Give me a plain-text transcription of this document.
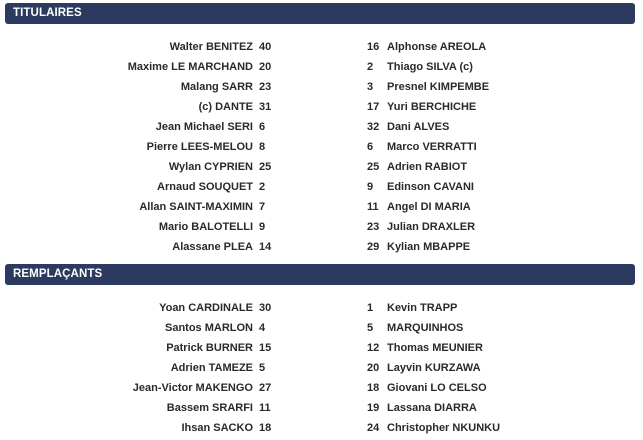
TITULAIRES
Walter BENITEZ 40	16 Alphonse AREOLA
Maxime LE MARCHAND 20	2	Thiago SILVA (c)
Malang SARR 23	3	Presnel KIMPEMBE
(c) DANTE 31	17 Yuri BERCHICHE
Jean Michael SERI 6	32 Dani ALVES
Pierre LEES-MELOU 8	6	Marco VERRATTI
Wylan CYPRIEN 25	25 Adrien RABIOT
Arnaud SOUQUET 2	9	Edinson CAVANI
Allan SAINT-MAXIMIN 7	11 Angel DI MARIA
Mario BALOTELLI 9	23 Julian DRAXLER
Alassane PLEA 14	29 Kylian MBAPPE
REMPLAÇANTS
Yoan CARDINALE 30	1	Kevin TRAPP
Santos MARLON 4	5	MARQUINHOS
Patrick BURNER 15	12 Thomas MEUNIER
Adrien TAMEZE 5	20 Layvin KURZAWA
Jean-Victor MAKENGO 27	18 Giovani LO CELSO
Bassem SRARFI 11	19 Lassana DIARRA
Ihsan SACKO 18	24 Christopher NKUNKU
